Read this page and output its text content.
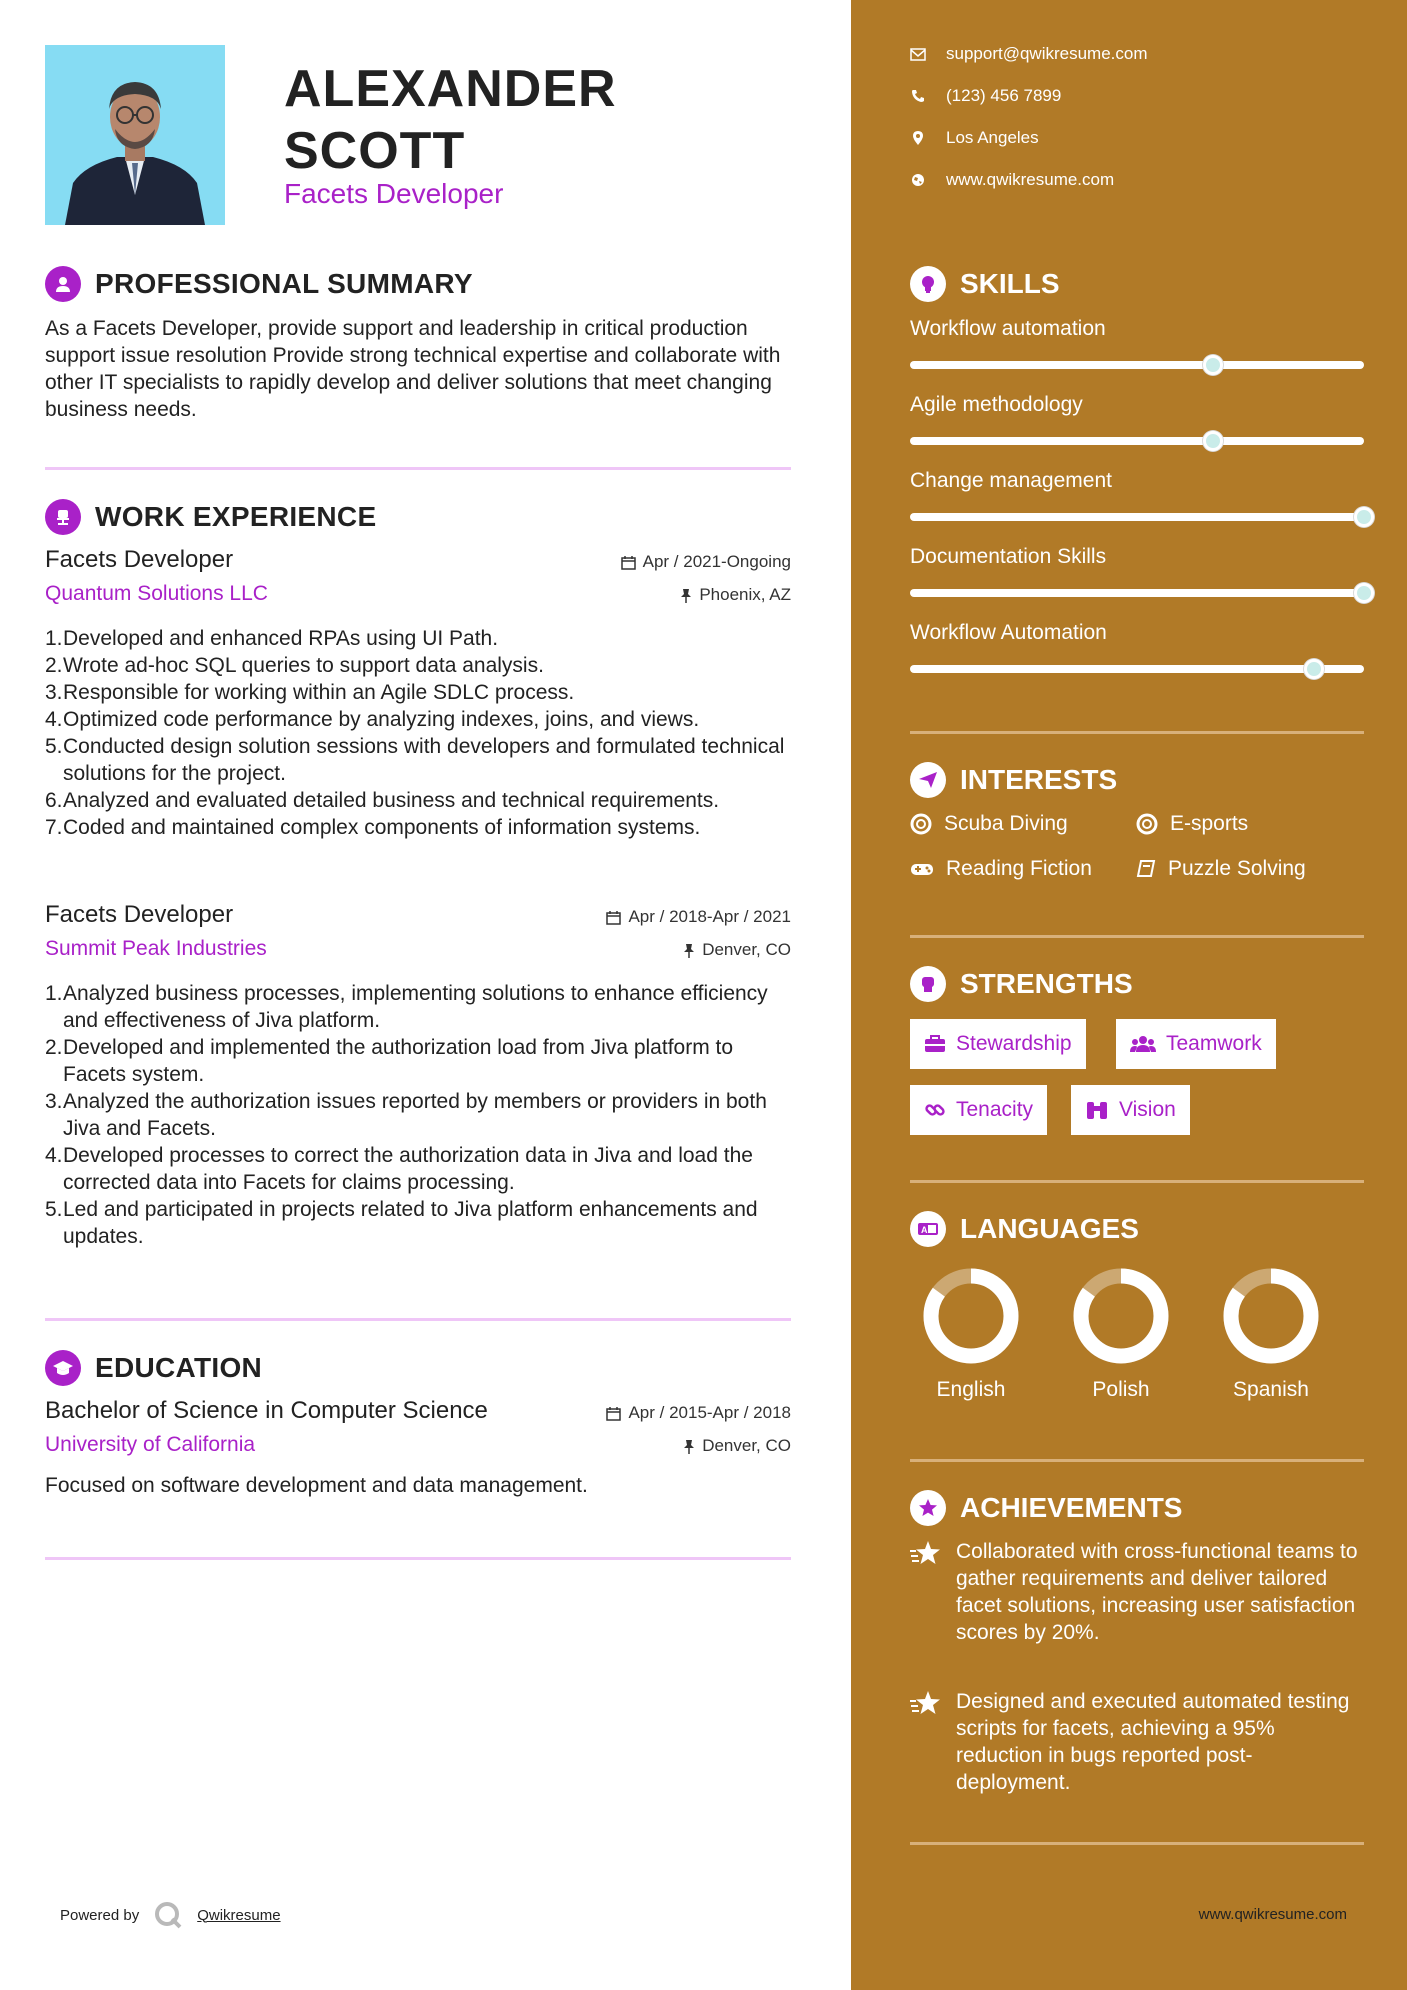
ALEXANDER
SCOTT
Facets Developer
PROFESSIONAL SUMMARY
As a Facets Developer, provide support and leadership in critical production support issue resolution Provide strong technical expertise and collaborate with other IT specialists to rapidly develop and deliver solutions that meet changing business needs.
WORK EXPERIENCE
Facets Developer	Apr / 2021-Ongoing
Quantum Solutions LLC	Phoenix, AZ
1. Developed and enhanced RPAs using UI Path.
2. Wrote ad-hoc SQL queries to support data analysis.
3. Responsible for working within an Agile SDLC process.
4. Optimized code performance by analyzing indexes, joins, and views.
5. Conducted design solution sessions with developers and formulated technical solutions for the project.
6. Analyzed and evaluated detailed business and technical requirements.
7. Coded and maintained complex components of information systems.
Facets Developer	Apr / 2018-Apr / 2021
Summit Peak Industries	Denver, CO
1. Analyzed business processes, implementing solutions to enhance efficiency and effectiveness of Jiva platform.
2. Developed and implemented the authorization load from Jiva platform to Facets system.
3. Analyzed the authorization issues reported by members or providers in both Jiva and Facets.
4. Developed processes to correct the authorization data in Jiva and load the corrected data into Facets for claims processing.
5. Led and participated in projects related to Jiva platform enhancements and updates.
EDUCATION
Bachelor of Science in Computer Science	Apr / 2015-Apr / 2018
University of California	Denver, CO
Focused on software development and data management.
Powered by	Qwikresume
support@qwikresume.com
(123) 456 7899
Los Angeles
www.qwikresume.com
SKILLS
Workflow automation
Agile methodology
Change management
Documentation Skills
Workflow Automation
INTERESTS
Scuba Diving	E-sports
Reading Fiction	Puzzle Solving
STRENGTHS
Stewardship	Teamwork
Tenacity	Vision
A LANGUAGES
English	Polish	Spanish
ACHIEVEMENTS
Collaborated with cross-functional teams to gather requirements and deliver tailored facet solutions, increasing user satisfaction scores by 20%.
Designed and executed automated testing scripts for facets, achieving a 95% reduction in bugs reported post-deployment.
www.qwikresume.com
